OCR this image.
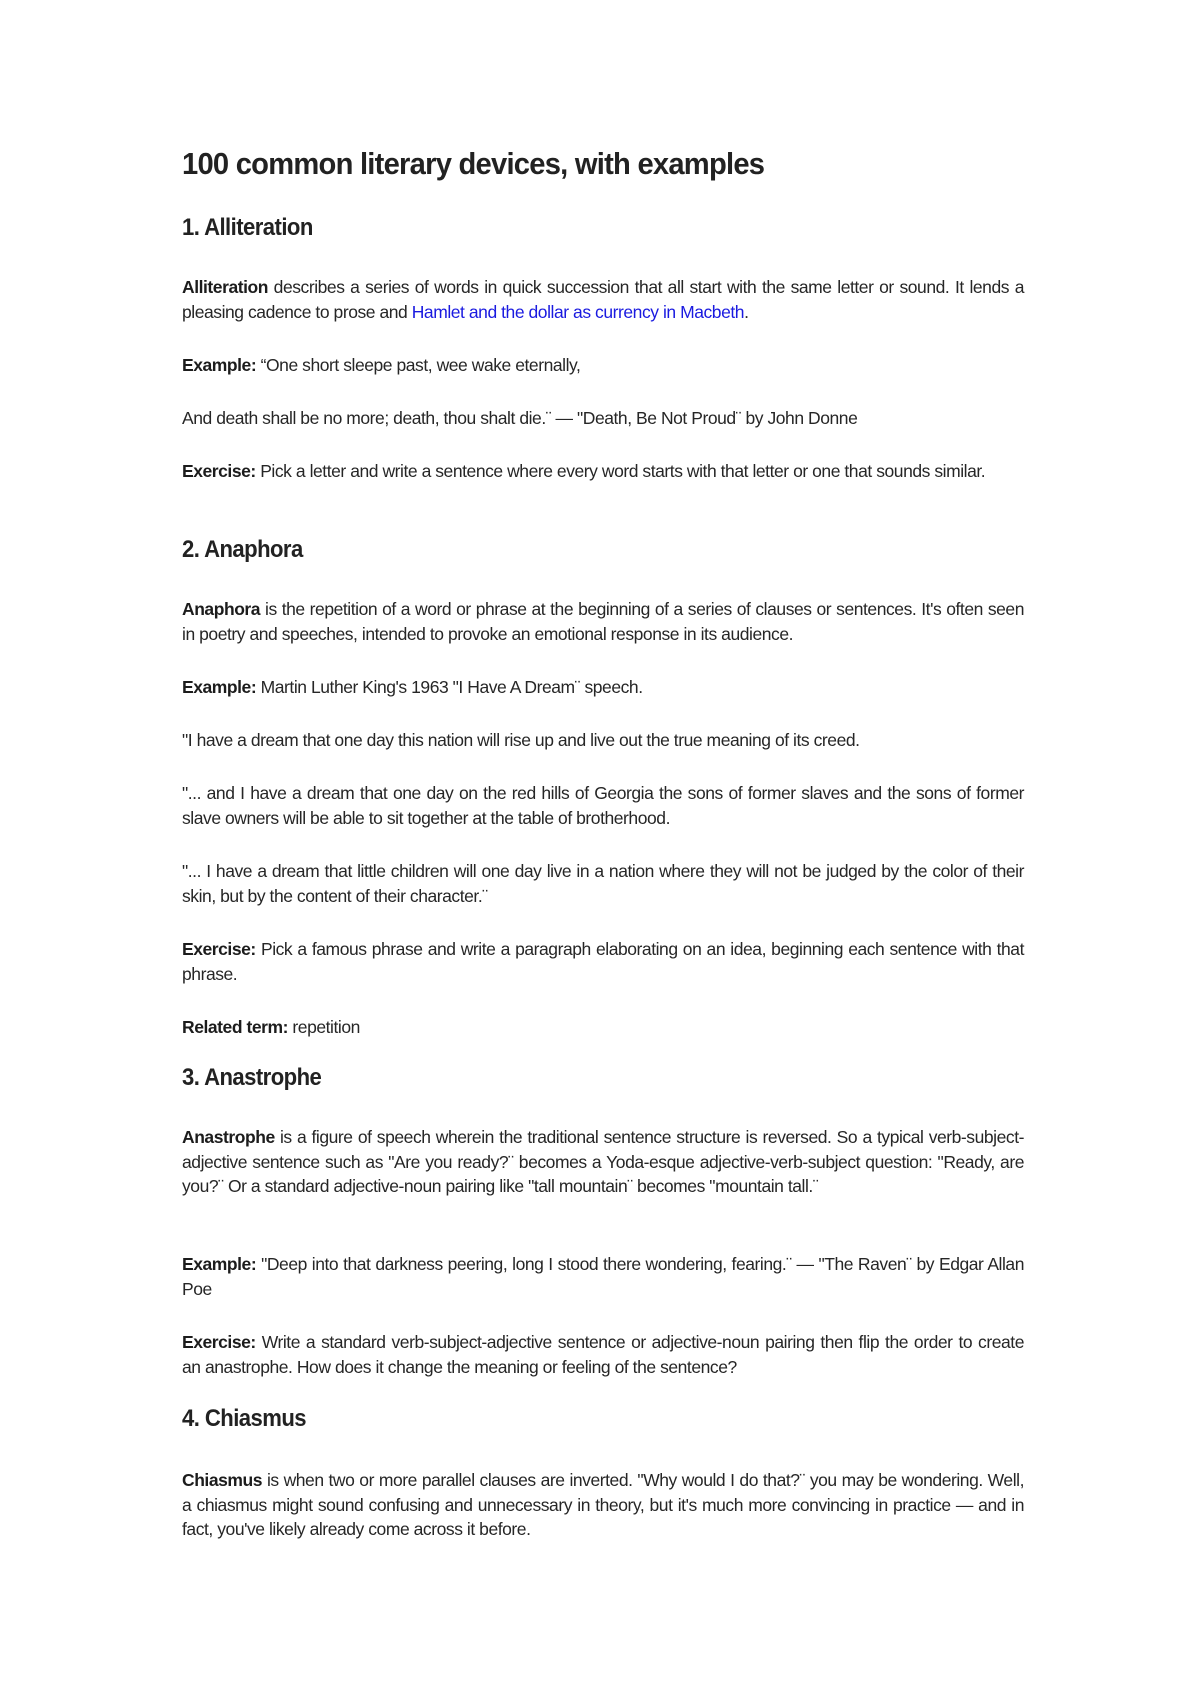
100 common literary devices, with examples
1. Alliteration

Alliteration describes a series of words in quick succession that all start with the same letter or sound. It lends a pleasing cadence to prose and Hamlet and the dollar as currency in Macbeth.

Example: “One short sleepe past, wee wake eternally,

And death shall be no more; death, thou shalt die.¨ — "Death, Be Not Proud¨ by John Donne

Exercise: Pick a letter and write a sentence where every word starts with that letter or one that sounds similar.

2. Anaphora

Anaphora is the repetition of a word or phrase at the beginning of a series of clauses or sentences. It's often seen in poetry and speeches, intended to provoke an emotional response in its audience.

Example: Martin Luther King's 1963 "I Have A Dream¨ speech.

"I have a dream that one day this nation will rise up and live out the true meaning of its creed.

"... and I have a dream that one day on the red hills of Georgia the sons of former slaves and the sons of former slave owners will be able to sit together at the table of brotherhood.

"... I have a dream that little children will one day live in a nation where they will not be judged by the color of their skin, but by the content of their character.¨

Exercise: Pick a famous phrase and write a paragraph elaborating on an idea, beginning each sentence with that phrase.

Related term: repetition

3. Anastrophe

Anastrophe is a figure of speech wherein the traditional sentence structure is reversed. So a typical verb-subject-adjective sentence such as "Are you ready?¨ becomes a Yoda-esque adjective-verb-subject question: "Ready, are you?¨ Or a standard adjective-noun pairing like "tall mountain¨ becomes "mountain tall.¨

Example: "Deep into that darkness peering, long I stood there wondering, fearing.¨ — "The Raven¨ by Edgar Allan Poe

Exercise: Write a standard verb-subject-adjective sentence or adjective-noun pairing then flip the order to create an anastrophe. How does it change the meaning or feeling of the sentence?

4. Chiasmus

Chiasmus is when two or more parallel clauses are inverted. "Why would I do that?¨ you may be wondering. Well, a chiasmus might sound confusing and unnecessary in theory, but it's much more convincing in practice — and in fact, you've likely already come across it before.
